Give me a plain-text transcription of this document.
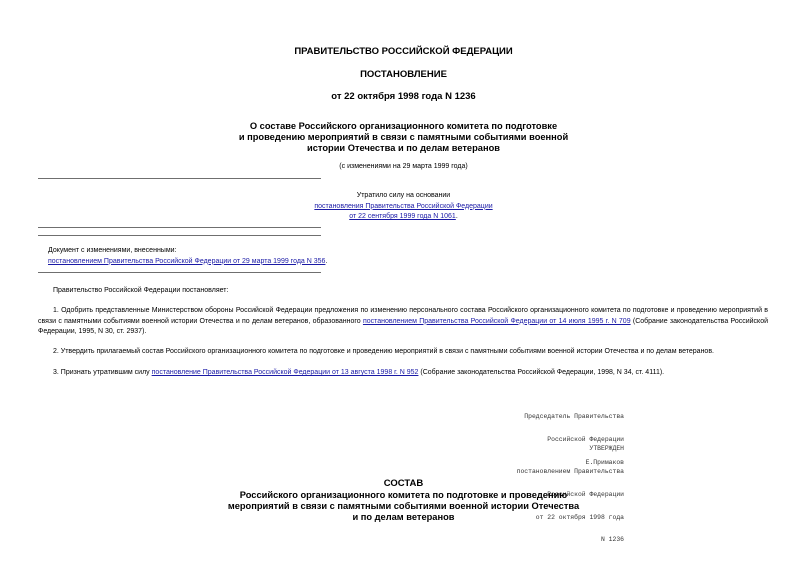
ПРАВИТЕЛЬСТВО РОССИЙСКОЙ ФЕДЕРАЦИИ
ПОСТАНОВЛЕНИЕ
от 22 октября 1998 года N 1236
О составе Российского организационного комитета по подготовке
и проведению мероприятий в связи с памятными событиями военной
истории Отечества и по делам ветеранов
(с изменениями на 29 марта 1999 года)
Утратило силу на основании
постановления Правительства Российской Федерации
от 22 сентября 1999 года N 1061.
Документ с изменениями, внесенными:
постановлением Правительства Российской Федерации от 29 марта 1999 года N 356.
Правительство Российской Федерации постановляет:
1. Одобрить представленные Министерством обороны Российской Федерации предложения по изменению персонального состава Российского организационного комитета по подготовке и проведению мероприятий в связи с памятными событиями военной истории Отечества и по делам ветеранов, образованного постановлением Правительства Российской Федерации от 14 июля 1995 г. N 709 (Собрание законодательства Российской Федерации, 1995, N 30, ст. 2937).
2. Утвердить прилагаемый состав Российского организационного комитета по подготовке и проведению мероприятий в связи с памятными событиями военной истории Отечества и по делам ветеранов.
3. Признать утратившим силу постановление Правительства Российской Федерации от 13 августа 1998 г. N 952 (Собрание законодательства Российской Федерации, 1998, N 34, ст. 4111).

Председатель Правительства

Российской Федерации

Е.Примаков

УТВЕРЖДЕН

постановлением Правительства

Российской Федерации

от 22 октября 1998 года

N 1236

СОСТАВ
Российского организационного комитета по подготовке и проведению
мероприятий в связи с памятными событиями военной истории Отечества
и по делам ветеранов
